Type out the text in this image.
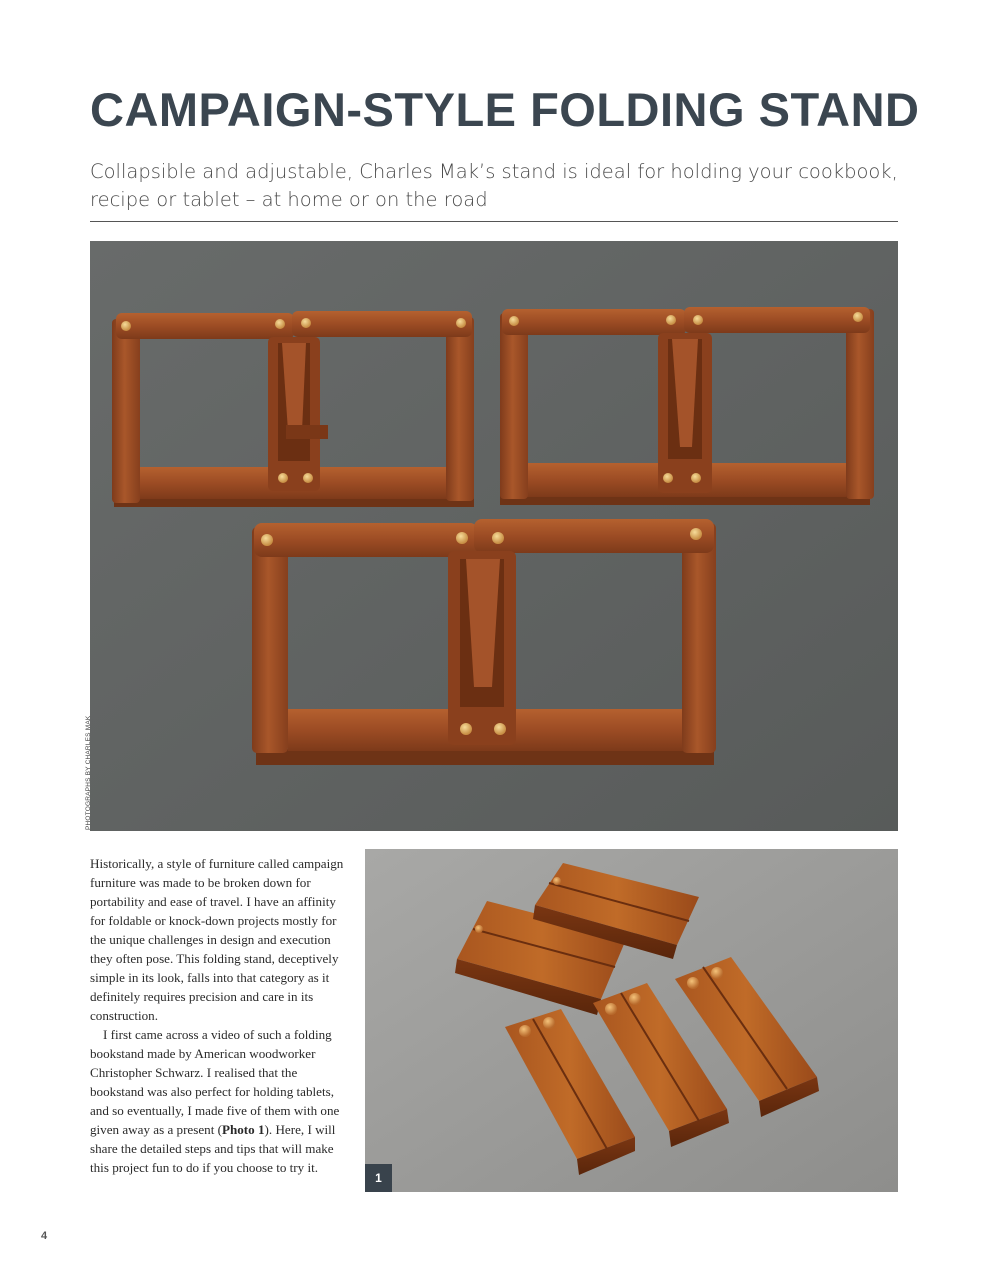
CAMPAIGN-STYLE FOLDING STAND

Collapsible and adjustable, Charles Mak’s stand is ideal for holding your cookbook, recipe or tablet – at home or on the road

PHOTOGRAPHS BY CHARLES MAK

Historically, a style of furniture called campaign furniture was made to be broken down for portability and ease of travel. I have an affinity for foldable or knock-down projects mostly for the unique challenges in design and execution they often pose. This folding stand, deceptively simple in its look, falls into that category as it definitely requires precision and care in its construction.

I first came across a video of such a folding bookstand made by American woodworker Christopher Schwarz. I realised that the bookstand was also perfect for holding tablets, and so eventually, I made five of them with one given away as a present (Photo 1). Here, I will share the detailed steps and tips that will make this project fun to do if you choose to try it.

1
4
